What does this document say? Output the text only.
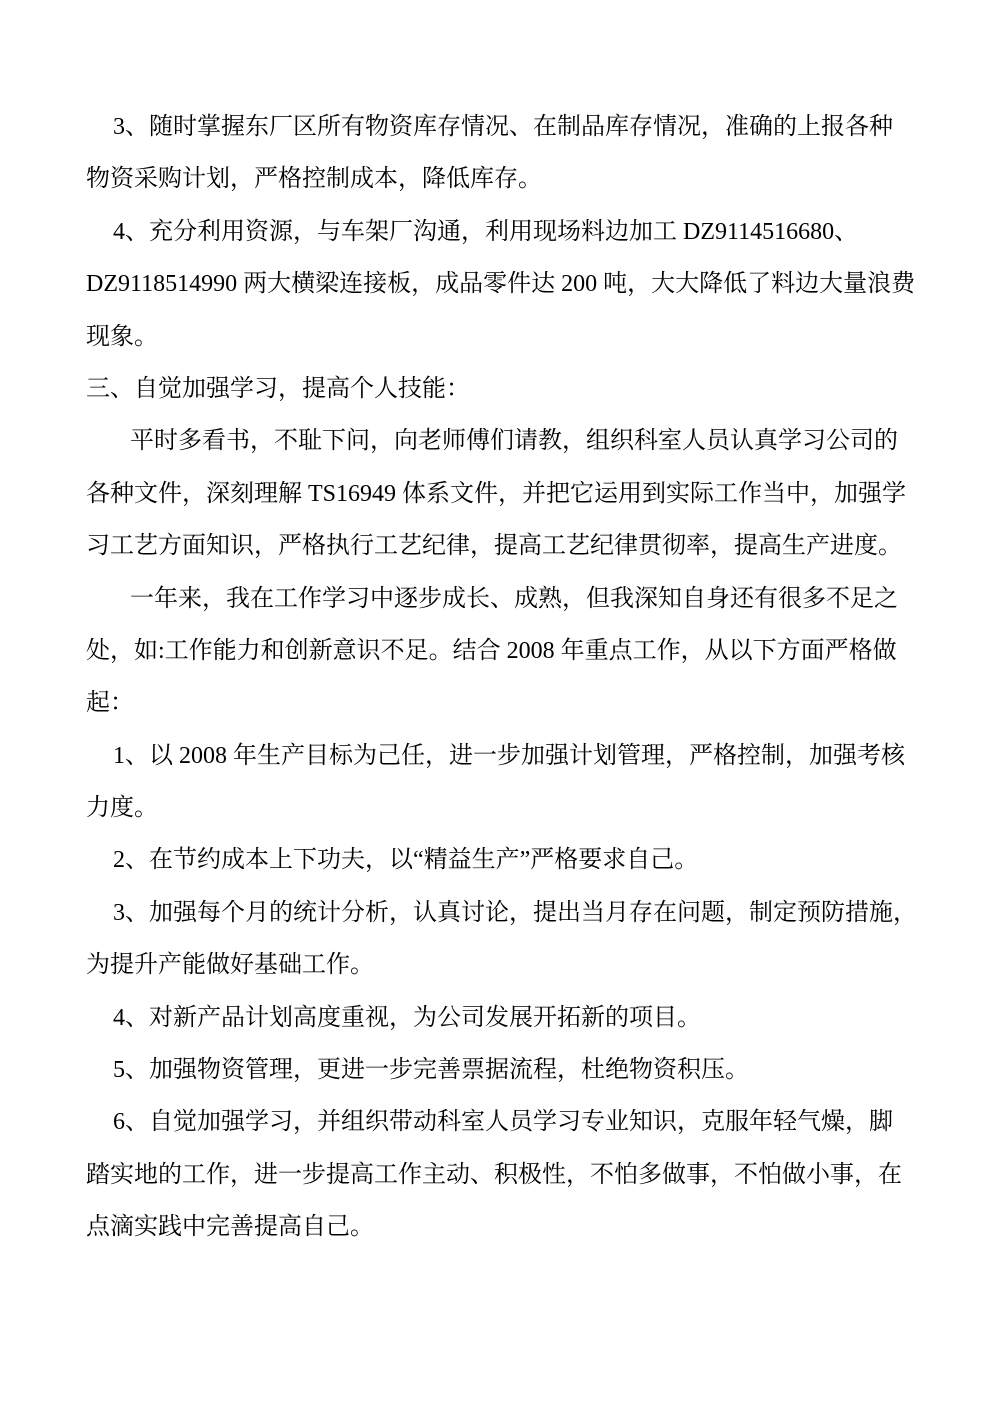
3、随时掌握东厂区所有物资库存情况、在制品库存情况，准确的上报各种
物资采购计划，严格控制成本，降低库存。
4、充分利用资源，与车架厂沟通，利用现场料边加工 DZ9114516680、
DZ9118514990 两大横梁连接板，成品零件达 200 吨，大大降低了料边大量浪费
现象。
三、自觉加强学习，提高个人技能：
平时多看书，不耻下问，向老师傅们请教，组织科室人员认真学习公司的
各种文件，深刻理解 TS16949 体系文件，并把它运用到实际工作当中，加强学
习工艺方面知识，严格执行工艺纪律，提高工艺纪律贯彻率，提高生产进度。
一年来，我在工作学习中逐步成长、成熟，但我深知自身还有很多不足之
处，如:工作能力和创新意识不足。结合 2008 年重点工作，从以下方面严格做
起：
1、以 2008 年生产目标为己任，进一步加强计划管理，严格控制，加强考核
力度。
2、在节约成本上下功夫，以“精益生产”严格要求自己。
3、加强每个月的统计分析，认真讨论，提出当月存在问题，制定预防措施，
为提升产能做好基础工作。
4、对新产品计划高度重视，为公司发展开拓新的项目。
5、加强物资管理，更进一步完善票据流程，杜绝物资积压。
6、自觉加强学习，并组织带动科室人员学习专业知识，克服年轻气燥，脚
踏实地的工作，进一步提高工作主动、积极性，不怕多做事，不怕做小事，在
点滴实践中完善提高自己。
